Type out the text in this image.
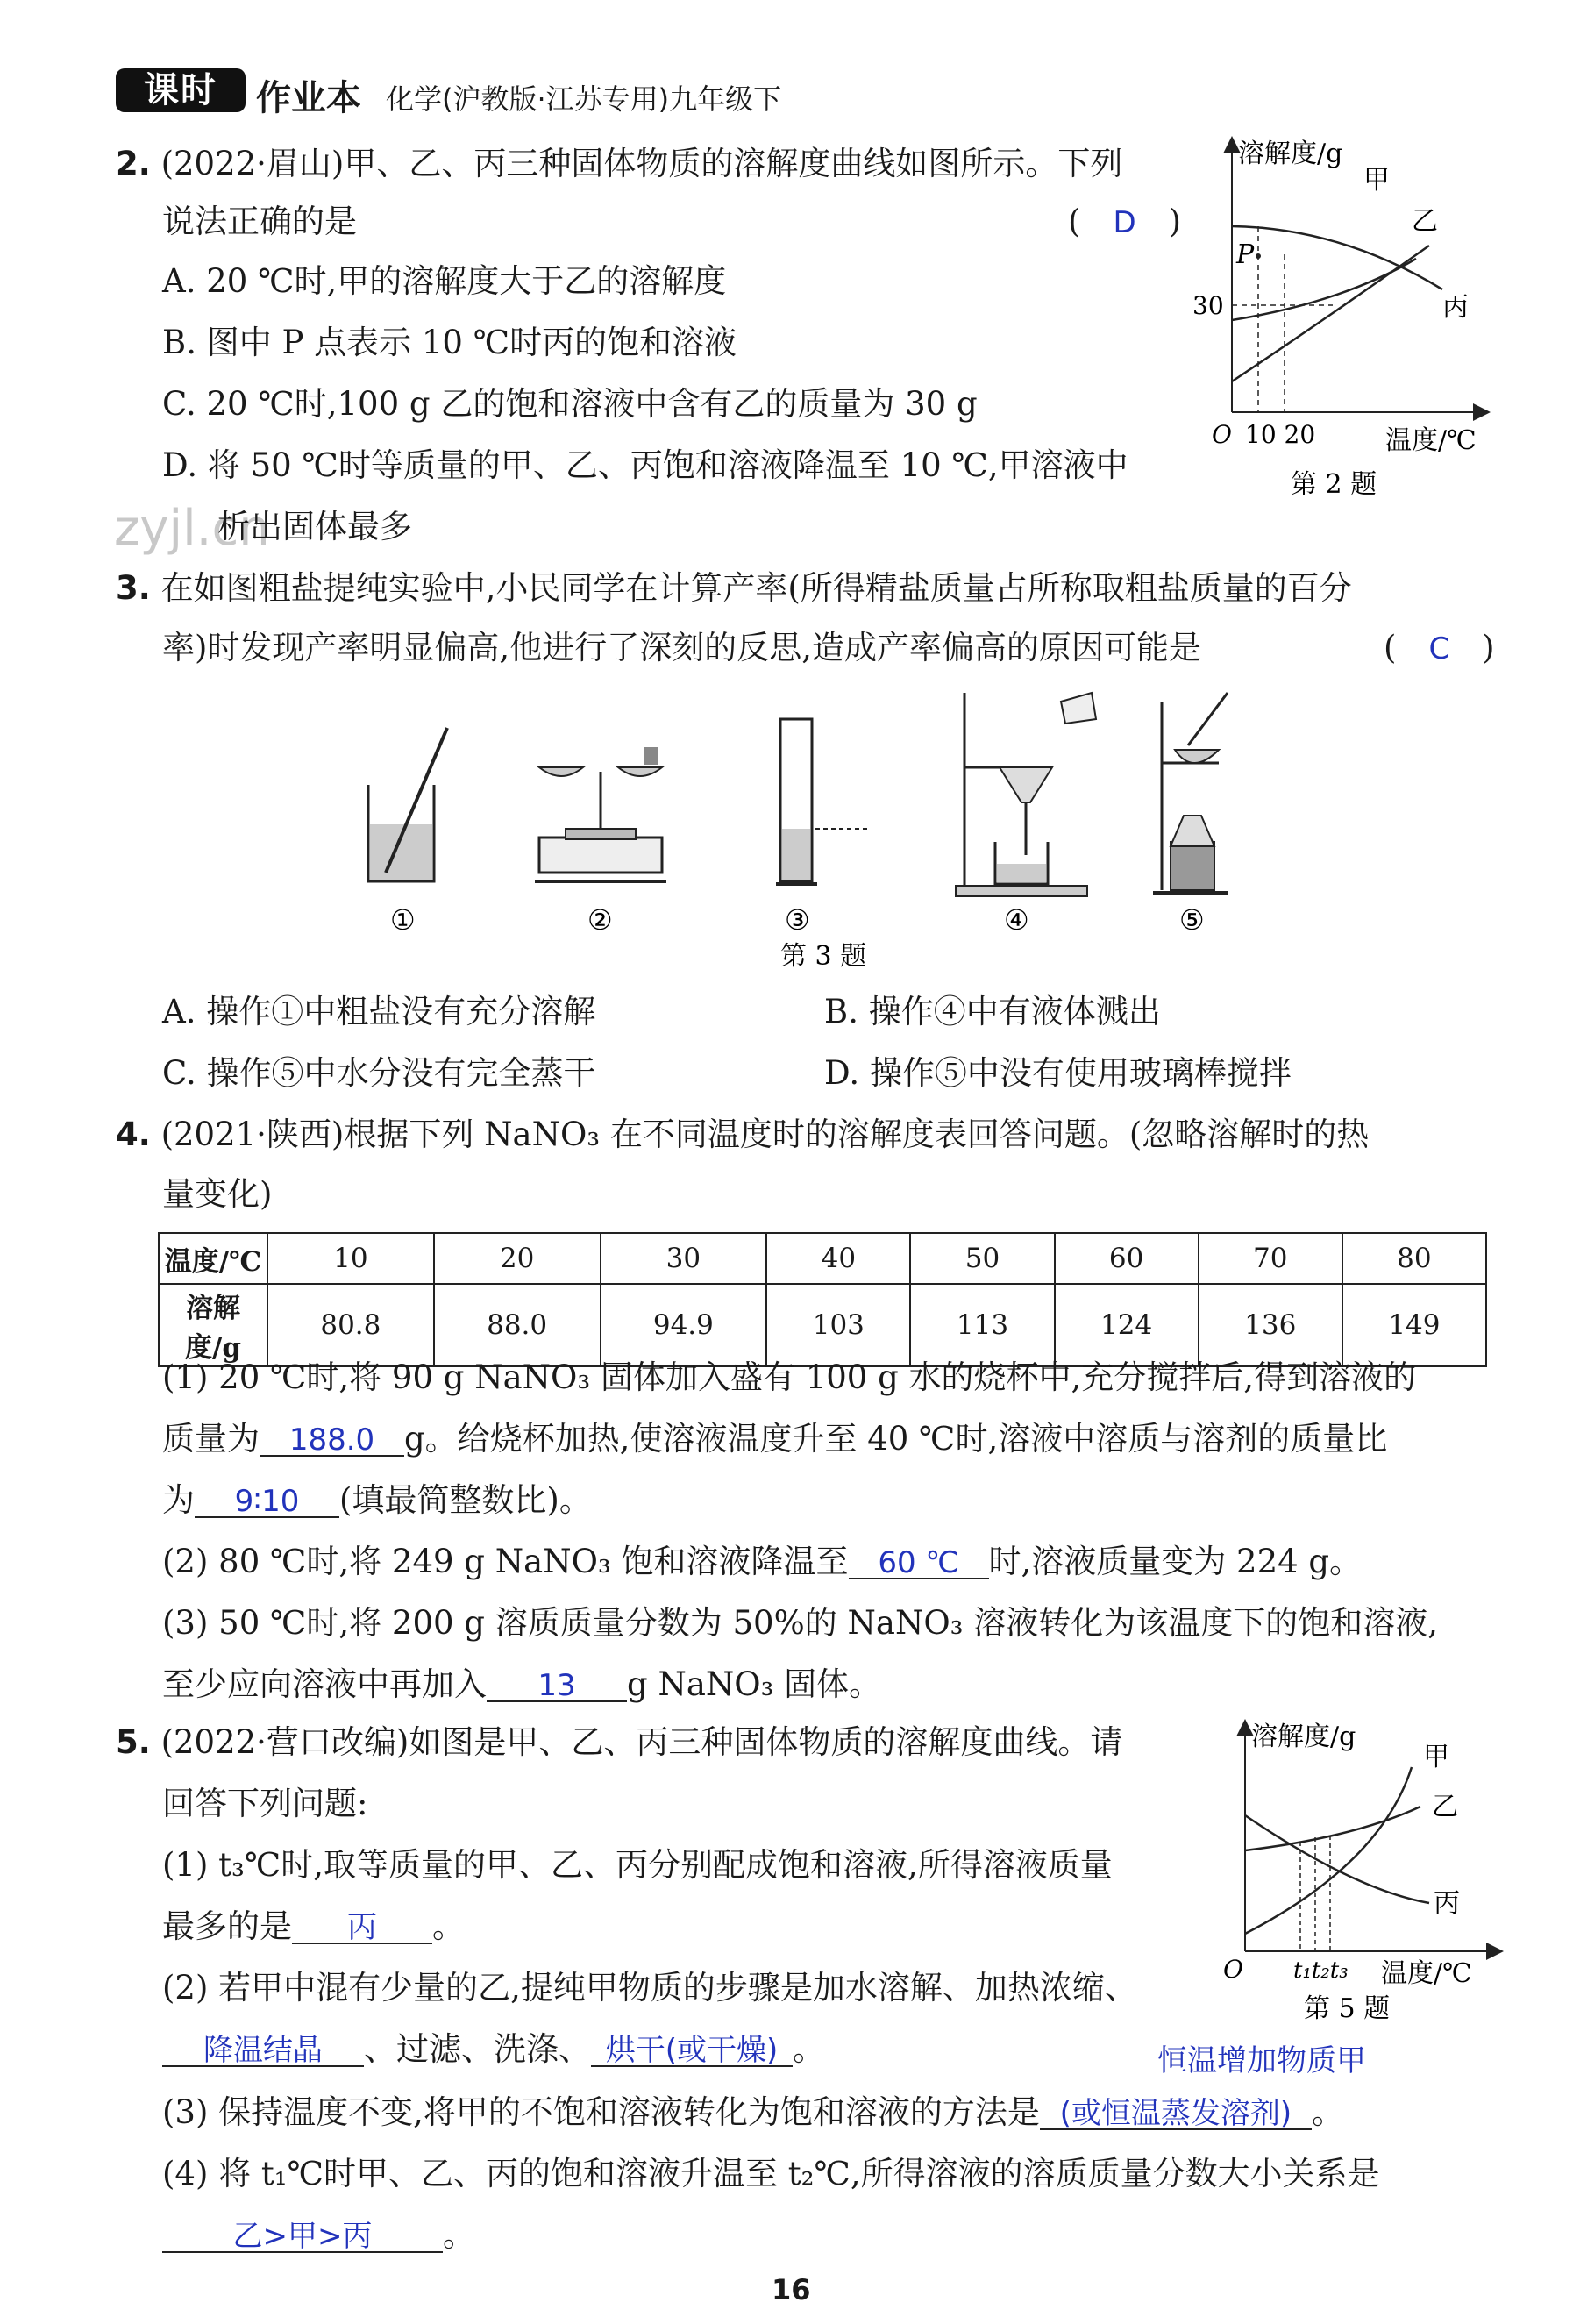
课时	作业本 化学(沪教版·江苏专用)九年级下
zyjl.cn
2. (2022·眉山)甲、乙、丙三种固体物质的溶解度曲线如图所示。下列
说法正确的是	(　D　)
A. 20 ℃时,甲的溶解度大于乙的溶解度
B. 图中 P 点表示 10 ℃时丙的饱和溶液
C. 20 ℃时,100 g 乙的饱和溶液中含有乙的质量为 30 g
D. 将 50 ℃时等质量的甲、乙、丙饱和溶液降温至 10 ℃,甲溶液中
析出固体最多
溶解度/g
甲
乙
丙
P
30
O 10 20	温度/℃
第 2 题
3. 在如图粗盐提纯实验中,小民同学在计算产率(所得精盐质量占所称取粗盐质量的百分
率)时发现产率明显偏高,他进行了深刻的反思,造成产率偏高的原因可能是	(　C　)
①	②	③	④	⑤
第 3 题
A. 操作①中粗盐没有充分溶解	B. 操作④中有液体溅出
C. 操作⑤中水分没有完全蒸干	D. 操作⑤中没有使用玻璃棒搅拌
4. (2021·陕西)根据下列 NaNO₃ 在不同温度时的溶解度表回答问题。(忽略溶解时的热
量变化)
温度/℃	10	20	30	40	50	60	70	80
溶解度/g	80.8	88.0	94.9	103	113	124	136	149
(1) 20 ℃时,将 90 g NaNO₃ 固体加入盛有 100 g 水的烧杯中,充分搅拌后,得到溶液的
质量为 188.0 g。给烧杯加热,使溶液温度升至 40 ℃时,溶液中溶质与溶剂的质量比
为 9∶10 (填最简整数比)。
(2) 80 ℃时,将 249 g NaNO₃ 饱和溶液降温至 60 ℃ 时,溶液质量变为 224 g。
(3) 50 ℃时,将 200 g 溶质质量分数为 50%的 NaNO₃ 溶液转化为该温度下的饱和溶液,
至少应向溶液中再加入 13 g NaNO₃ 固体。
5. (2022·营口改编)如图是甲、乙、丙三种固体物质的溶解度曲线。请
回答下列问题:
(1) t₃℃时,取等质量的甲、乙、丙分别配成饱和溶液,所得溶液质量
最多的是 丙 。
(2) 若甲中混有少量的乙,提纯甲物质的步骤是加水溶解、加热浓缩、
降温结晶 、过滤、洗涤、 烘干(或干燥) 。	恒温增加物质甲
(3) 保持温度不变,将甲的不饱和溶液转化为饱和溶液的方法是 (或恒温蒸发溶剂) 。
(4) 将 t₁℃时甲、乙、丙的饱和溶液升温至 t₂℃,所得溶液的溶质质量分数大小关系是
乙>甲>丙 。
溶解度/g
甲
乙
丙
O t₁t₂t₃ 温度/℃
第 5 题
16
